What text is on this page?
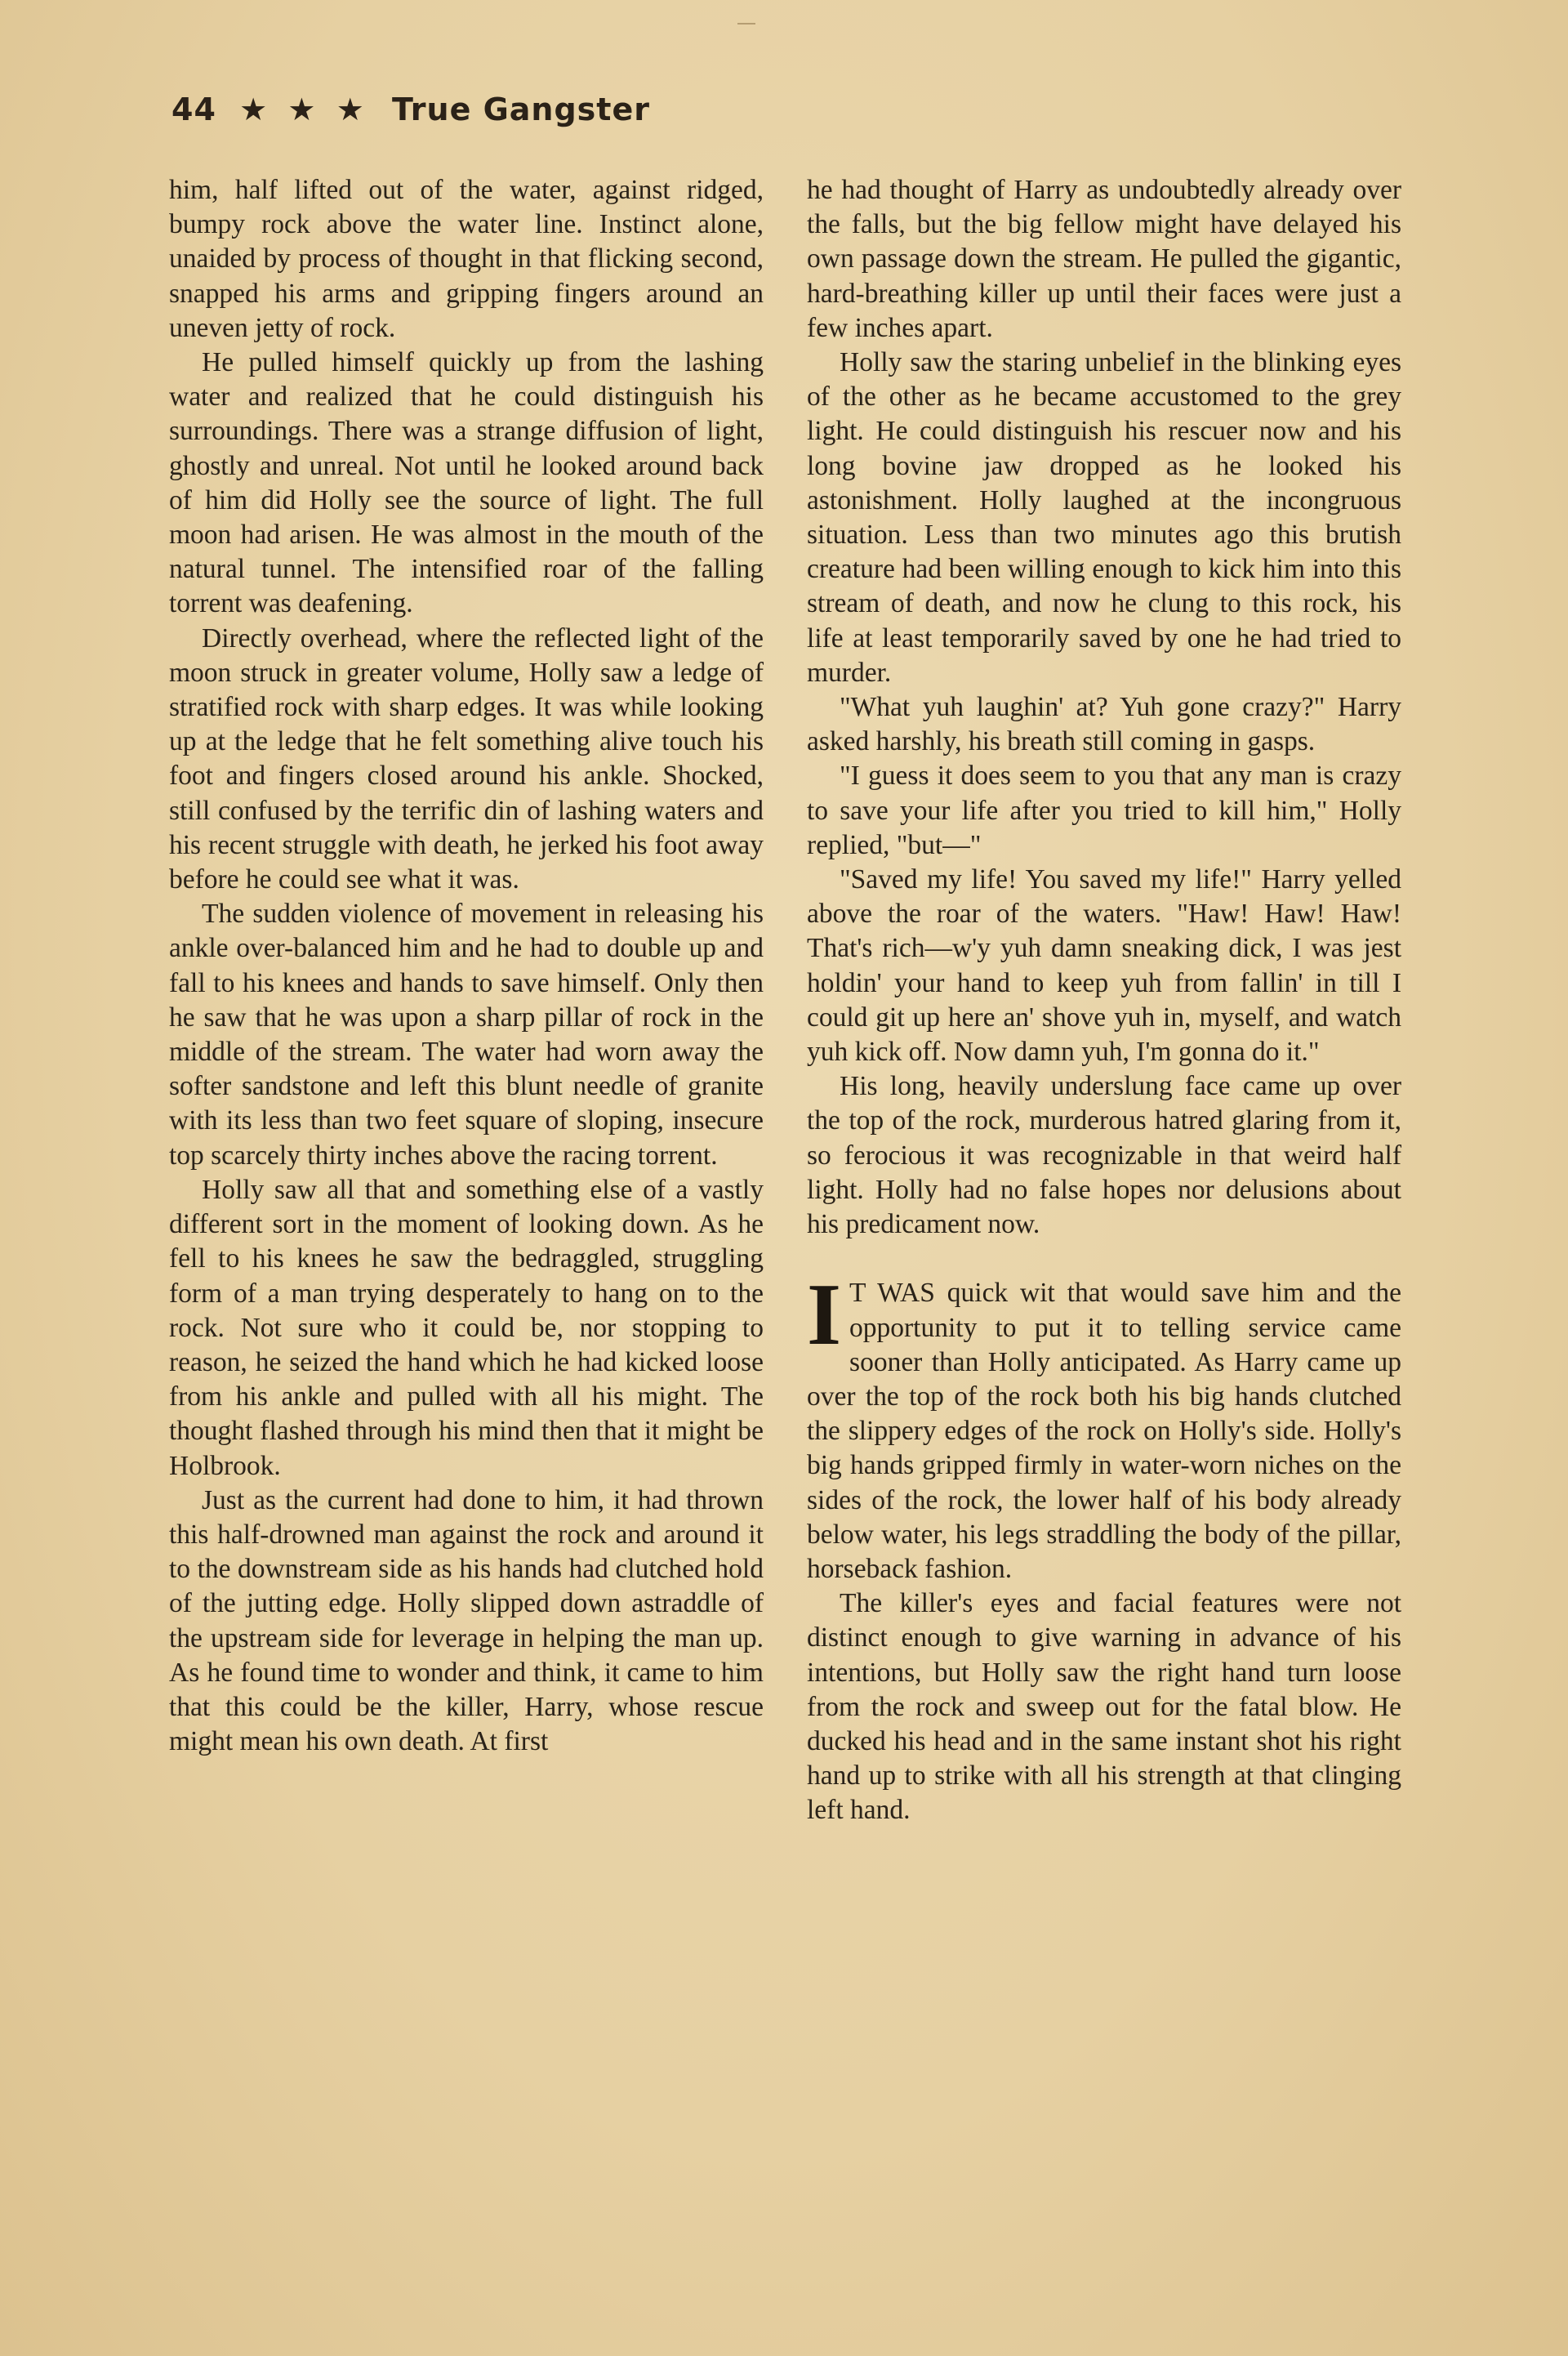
44 ★ ★ ★ True Gangster

him, half lifted out of the water, against ridged, bumpy rock above the water line. Instinct alone, unaided by process of thought in that flicking second, snapped his arms and gripping fingers around an uneven jetty of rock.

He pulled himself quickly up from the lashing water and realized that he could distinguish his surroundings. There was a strange diffusion of light, ghostly and unreal. Not until he looked around back of him did Holly see the source of light. The full moon had arisen. He was almost in the mouth of the natural tunnel. The intensified roar of the falling torrent was deafening.

Directly overhead, where the reflected light of the moon struck in greater volume, Holly saw a ledge of stratified rock with sharp edges. It was while looking up at the ledge that he felt something alive touch his foot and fingers closed around his ankle. Shocked, still confused by the terrific din of lashing waters and his recent struggle with death, he jerked his foot away before he could see what it was.

The sudden violence of movement in releasing his ankle over-balanced him and he had to double up and fall to his knees and hands to save himself. Only then he saw that he was upon a sharp pillar of rock in the middle of the stream. The water had worn away the softer sandstone and left this blunt needle of granite with its less than two feet square of sloping, insecure top scarcely thirty inches above the racing torrent.

Holly saw all that and something else of a vastly different sort in the moment of looking down. As he fell to his knees he saw the bedraggled, struggling form of a man trying desperately to hang on to the rock. Not sure who it could be, nor stopping to reason, he seized the hand which he had kicked loose from his ankle and pulled with all his might. The thought flashed through his mind then that it might be Holbrook.

Just as the current had done to him, it had thrown this half-drowned man against the rock and around it to the downstream side as his hands had clutched hold of the jutting edge. Holly slipped down astraddle of the upstream side for leverage in helping the man up. As he found time to wonder and think, it came to him that this could be the killer, Harry, whose rescue might mean his own death. At first

he had thought of Harry as undoubtedly already over the falls, but the big fellow might have delayed his own passage down the stream. He pulled the gigantic, hard-breathing killer up until their faces were just a few inches apart.

Holly saw the staring unbelief in the blinking eyes of the other as he became accustomed to the grey light. He could distinguish his rescuer now and his long bovine jaw dropped as he looked his astonishment. Holly laughed at the incongruous situation. Less than two minutes ago this brutish creature had been willing enough to kick him into this stream of death, and now he clung to this rock, his life at least temporarily saved by one he had tried to murder.

"What yuh laughin' at? Yuh gone crazy?" Harry asked harshly, his breath still coming in gasps.

"I guess it does seem to you that any man is crazy to save your life after you tried to kill him," Holly replied, "but—"

"Saved my life! You saved my life!" Harry yelled above the roar of the waters. "Haw! Haw! Haw! That's rich—w'y yuh damn sneaking dick, I was jest holdin' your hand to keep yuh from fallin' in till I could git up here an' shove yuh in, myself, and watch yuh kick off. Now damn yuh, I'm gonna do it."

His long, heavily underslung face came up over the top of the rock, murderous hatred glaring from it, so ferocious it was recognizable in that weird half light. Holly had no false hopes nor delusions about his predicament now.

I T WAS quick wit that would save him and the opportunity to put it to telling service came sooner than Holly anticipated. As Harry came up over the top of the rock both his big hands clutched the slippery edges of the rock on Holly's side. Holly's big hands gripped firmly in water-worn niches on the sides of the rock, the lower half of his body already below water, his legs straddling the body of the pillar, horseback fashion.

The killer's eyes and facial features were not distinct enough to give warning in advance of his intentions, but Holly saw the right hand turn loose from the rock and sweep out for the fatal blow. He ducked his head and in the same instant shot his right hand up to strike with all his strength at that clinging left hand.
